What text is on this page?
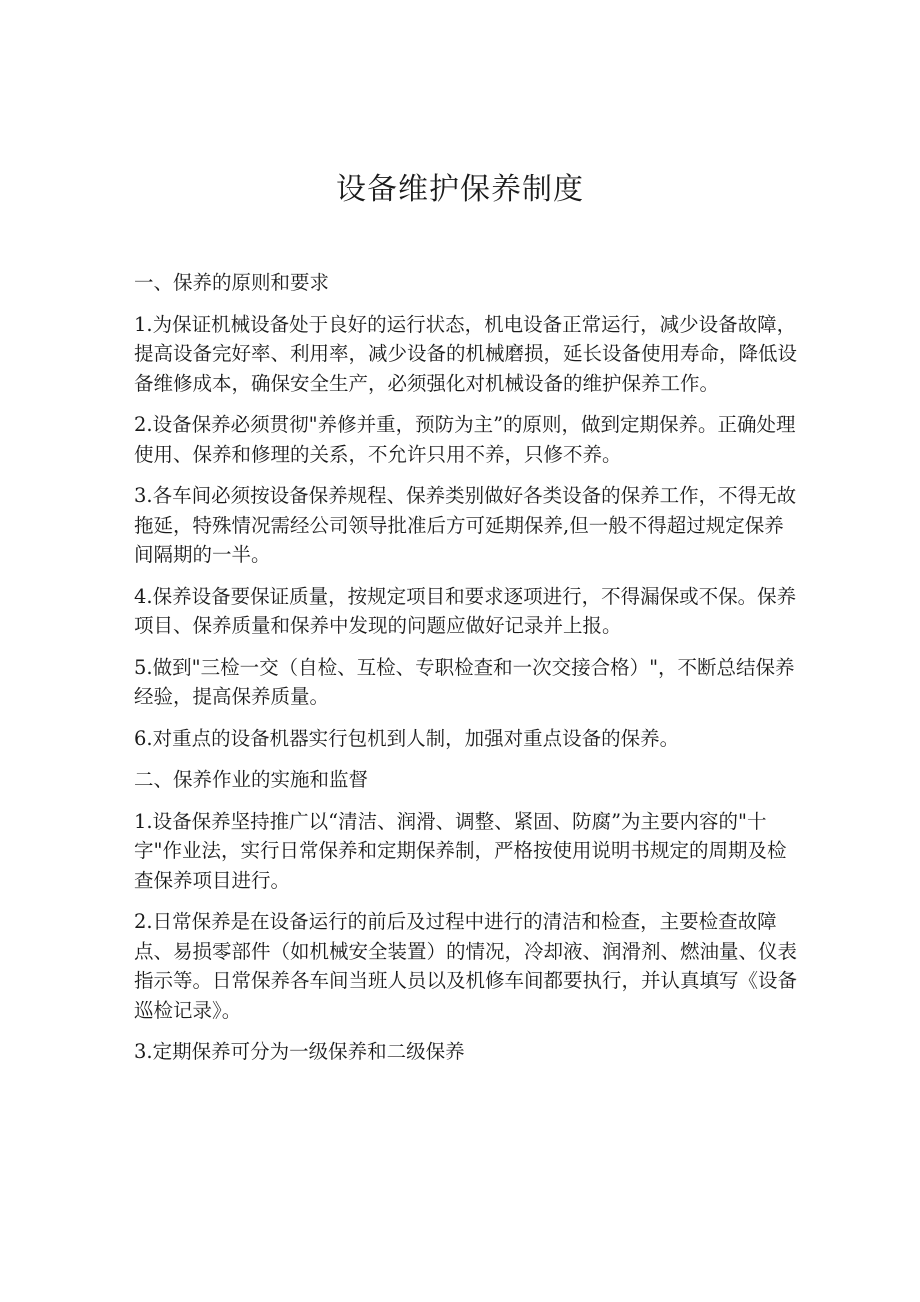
设备维护保养制度

一、保养的原则和要求

1.为保证机械设备处于良好的运行状态，机电设备正常运行，减少设备故障，提高设备完好率、利用率，减少设备的机械磨损，延长设备使用寿命，降低设备维修成本，确保安全生产，必须强化对机械设备的维护保养工作。

2.设备保养必须贯彻"养修并重，预防为主”的原则，做到定期保养。正确处理使用、保养和修理的关系，不允许只用不养，只修不养。

3.各车间必须按设备保养规程、保养类别做好各类设备的保养工作，不得无故拖延，特殊情况需经公司领导批准后方可延期保养,但一般不得超过规定保养间隔期的一半。

4.保养设备要保证质量，按规定项目和要求逐项进行，不得漏保或不保。保养项目、保养质量和保养中发现的问题应做好记录并上报。

5.做到"三检一交（自检、互检、专职检查和一次交接合格）"，不断总结保养经验，提高保养质量。

6.对重点的设备机器实行包机到人制，加强对重点设备的保养。

二、保养作业的实施和监督

1.设备保养坚持推广以“清洁、润滑、调整、紧固、防腐”为主要内容的"十字"作业法，实行日常保养和定期保养制，严格按使用说明书规定的周期及检查保养项目进行。

2.日常保养是在设备运行的前后及过程中进行的清洁和检查，主要检查故障点、易损零部件（如机械安全装置）的情况，冷却液、润滑剂、燃油量、仪表指示等。日常保养各车间当班人员以及机修车间都要执行，并认真填写《设备巡检记录》。

3.定期保养可分为一级保养和二级保养
